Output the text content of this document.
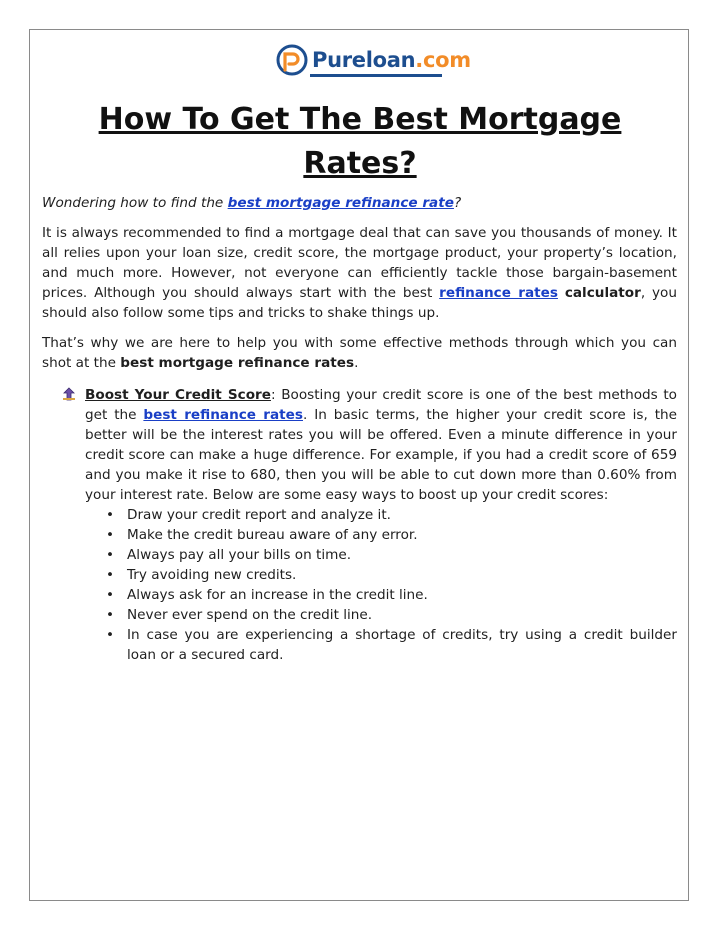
Pureloan.com
How To Get The Best Mortgage
Rates?

Wondering how to find the best mortgage refinance rate?

It is always recommended to find a mortgage deal that can save you thousands of money. It all relies upon your loan size, credit score, the mortgage product, your property’s location, and much more. However, not everyone can efficiently tackle those bargain-basement prices. Although you should always start with the best refinance rates calculator, you should also follow some tips and tricks to shake things up.

That’s why we are here to help you with some effective methods through which you can shot at the best mortgage refinance rates.

Boost Your Credit Score: Boosting your credit score is one of the best methods to get the best refinance rates. In basic terms, the higher your credit score is, the better will be the interest rates you will be offered. Even a minute difference in your credit score can make a huge difference. For example, if you had a credit score of 659 and you make it rise to 680, then you will be able to cut down more than 0.60% from your interest rate. Below are some easy ways to boost up your credit scores:
• Draw your credit report and analyze it.
• Make the credit bureau aware of any error.
• Always pay all your bills on time.
• Try avoiding new credits.
• Always ask for an increase in the credit line.
• Never ever spend on the credit line.
• In case you are experiencing a shortage of credits, try using a credit builder loan or a secured card.
